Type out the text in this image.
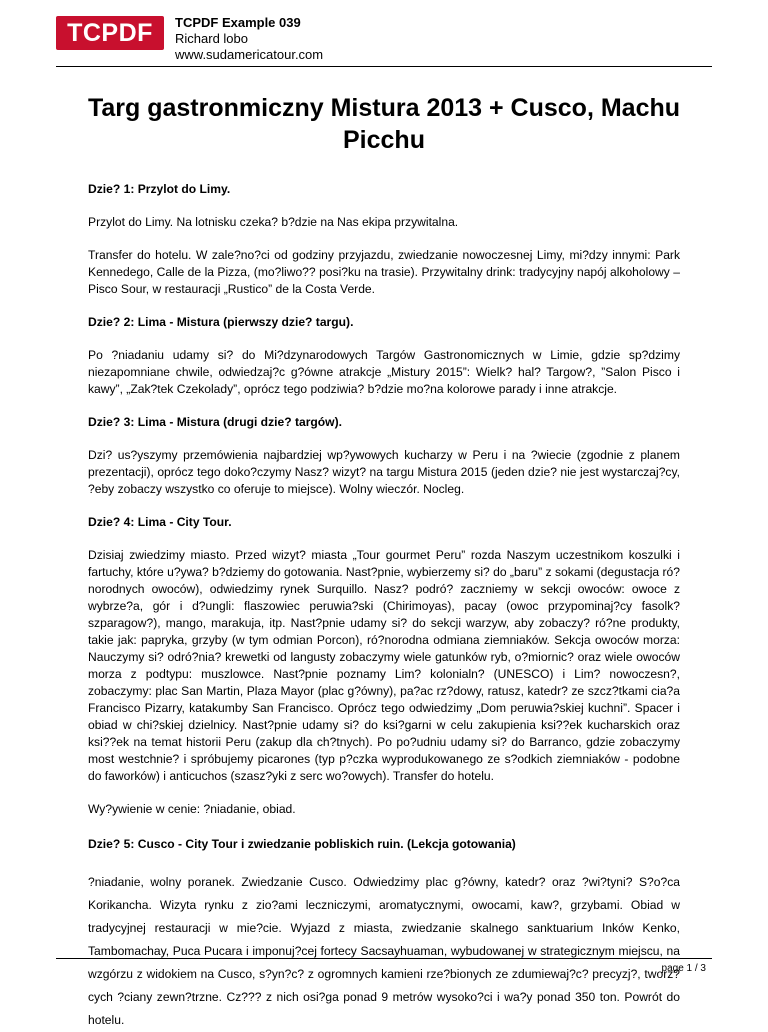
TCPDF TCPDF Example 039
Richard lobo
www.sudamericatour.com
Targ gastronmiczny Mistura 2013 + Cusco, Machu Picchu

Dzie? 1: Przylot do Limy.

Przylot do Limy. Na lotnisku czeka? b?dzie na Nas ekipa przywitalna.

Transfer do hotelu. W zale?no?ci od godziny przyjazdu, zwiedzanie nowoczesnej Limy, mi?dzy innymi: Park Kennedego, Calle de la Pizza, (mo?liwo?? posi?ku na trasie). Przywitalny drink: tradycyjny napój alkoholowy – Pisco Sour, w restauracji „Rustico” de la Costa Verde.

Dzie? 2: Lima - Mistura (pierwszy dzie? targu).

Po ?niadaniu udamy si? do Mi?dzynarodowych Targów Gastronomicznych w Limie, gdzie sp?dzimy niezapomniane chwile, odwiedzaj?c g?ówne atrakcje „Mistury 2015”: Wielk? hal? Targow?, ”Salon Pisco i kawy”, „Zak?tek Czekolady”, oprócz tego podziwia? b?dzie mo?na kolorowe parady i inne atrakcje.

Dzie? 3: Lima - Mistura (drugi dzie? targów).

Dzi? us?yszymy przemówienia najbardziej wp?ywowych kucharzy w Peru i na ?wiecie (zgodnie z planem prezentacji), oprócz tego doko?czymy Nasz? wizyt? na targu Mistura 2015 (jeden dzie? nie jest wystarczaj?cy, ?eby zobaczy wszystko co oferuje to miejsce). Wolny wieczór. Nocleg.

Dzie? 4: Lima - City Tour.

Dzisiaj zwiedzimy miasto. Przed wizyt? miasta „Tour gourmet Peru” rozda Naszym uczestnikom koszulki i fartuchy, które u?ywa? b?dziemy do gotowania. Nast?pnie, wybierzemy si? do „baru” z sokami (degustacja ró?norodnych owoców), odwiedzimy rynek Surquillo. Nasz? podró? zaczniemy w sekcji owoców: owoce z wybrze?a, gór i d?ungli: flaszowiec peruwia?ski (Chirimoyas), pacay (owoc przypominaj?cy fasolk? szparagow?), mango, marakuja, itp. Nast?pnie udamy si? do sekcji warzyw, aby zobaczy? ró?ne produkty, takie jak: papryka, grzyby (w tym odmian Porcon), ró?norodna odmiana ziemniaków. Sekcja owoców morza: Nauczymy si? odró?nia? krewetki od langusty zobaczymy wiele gatunków ryb, o?miornic? oraz wiele owoców morza z podtypu: muszlowce. Nast?pnie poznamy Lim? kolonialn? (UNESCO) i Lim? nowoczesn?, zobaczymy: plac San Martin, Plaza Mayor (plac g?ówny), pa?ac rz?dowy, ratusz, katedr? ze szcz?tkami cia?a Francisco Pizarry, katakumby San Francisco. Oprócz tego odwiedzimy „Dom peruwia?skiej kuchni”. Spacer i obiad w chi?skiej dzielnicy. Nast?pnie udamy si? do ksi?garni w celu zakupienia ksi??ek kucharskich oraz ksi??ek na temat historii Peru (zakup dla ch?tnych). Po po?udniu udamy si? do Barranco, gdzie zobaczymy most westchnie? i spróbujemy picarones (typ p?czka wyprodukowanego ze s?odkich ziemniaków - podobne do faworków) i anticuchos (szasz?yki z serc wo?owych). Transfer do hotelu.

Wy?ywienie w cenie: ?niadanie, obiad.

Dzie? 5: Cusco - City Tour i zwiedzanie pobliskich ruin. (Lekcja gotowania)

?niadanie, wolny poranek. Zwiedzanie Cusco. Odwiedzimy plac g?ówny, katedr? oraz ?wi?tyni? S?o?ca Korikancha. Wizyta rynku z zio?ami leczniczymi, aromatycznymi, owocami, kaw?, grzybami. Obiad w tradycyjnej restauracji w mie?cie. Wyjazd z miasta, zwiedzanie skalnego sanktuarium Inków Kenko, Tambomachay, Puca Pucara i imponuj?cej fortecy Sacsayhuaman, wybudowanej w strategicznym miejscu, na wzgórzu z widokiem na Cusco, s?yn?c? z ogromnych kamieni rze?bionych ze zdumiewaj?c? precyzj?, tworz?cych ?ciany zewn?trzne. Cz??? z nich osi?ga ponad 9 metrów wysoko?ci i wa?y ponad 350 ton. Powrót do hotelu.

page 1 / 3
